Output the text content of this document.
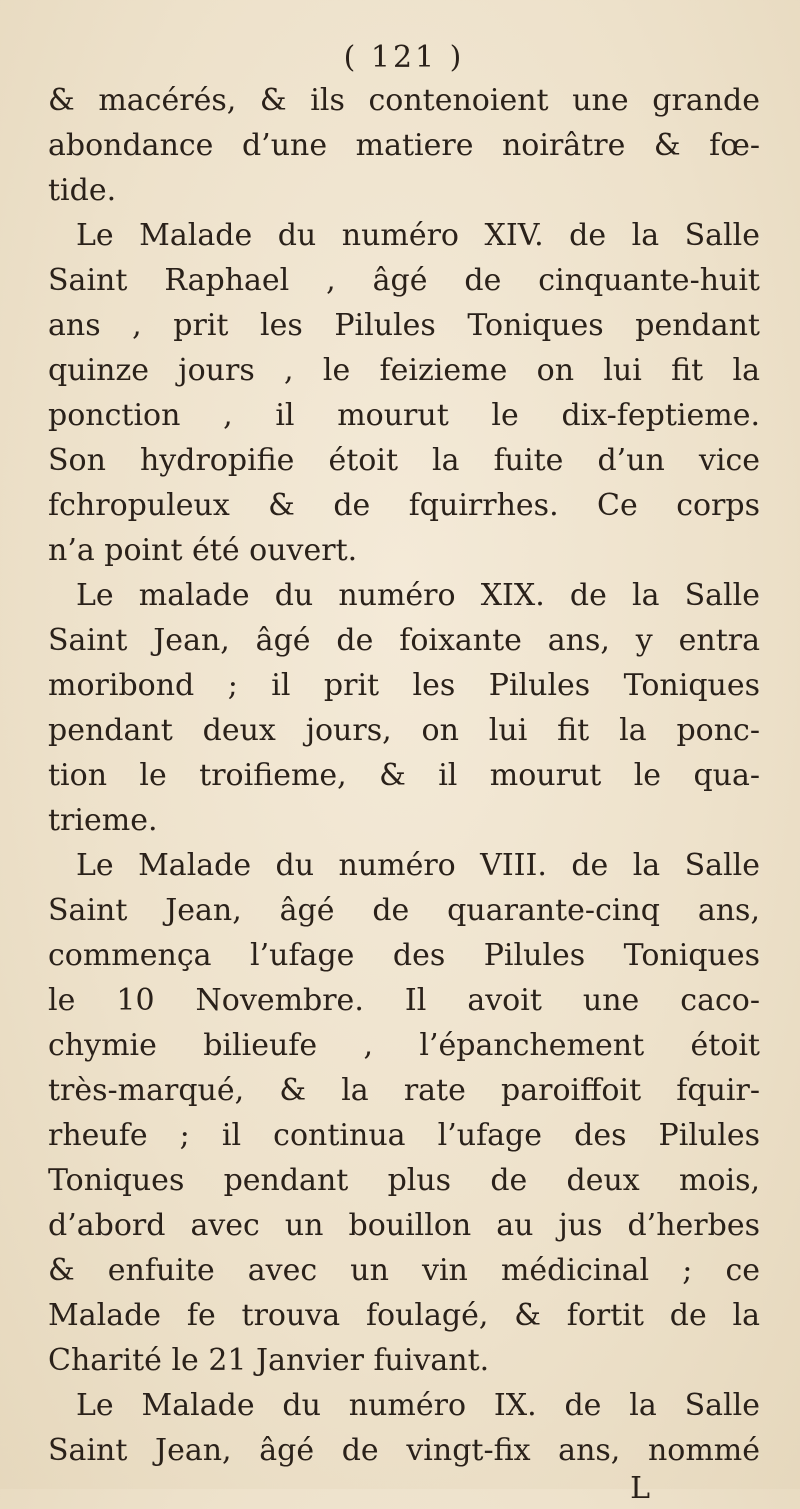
( 121 )
& macérés, & ils contenoient une grande
abondance d’une matiere noirâtre & fœ-
tide.
Le Malade du numéro XIV. de la Salle
Saint Raphael , âgé de cinquante-huit
ans , prit les Pilules Toniques pendant
quinze jours , le feizieme on lui fit la
ponction , il mourut le dix-feptieme.
Son hydropifie étoit la fuite d’un vice
fchropuleux & de fquirrhes. Ce corps
n’a point été ouvert.
Le malade du numéro XIX. de la Salle
Saint Jean, âgé de foixante ans, y entra
moribond ; il prit les Pilules Toniques
pendant deux jours, on lui fit la ponc-
tion le troifieme, & il mourut le qua-
trieme.
Le Malade du numéro VIII. de la Salle
Saint Jean, âgé de quarante-cinq ans,
commença l’ufage des Pilules Toniques
le 10 Novembre. Il avoit une caco-
chymie bilieufe , l’épanchement étoit
très-marqué, & la rate paroiffoit fquir-
rheufe ; il continua l’ufage des Pilules
Toniques pendant plus de deux mois,
d’abord avec un bouillon au jus d’herbes
& enfuite avec un vin médicinal ; ce
Malade fe trouva foulagé, & fortit de la
Charité le 21 Janvier fuivant.
Le Malade du numéro IX. de la Salle
Saint Jean, âgé de vingt-fix ans, nommé
L
